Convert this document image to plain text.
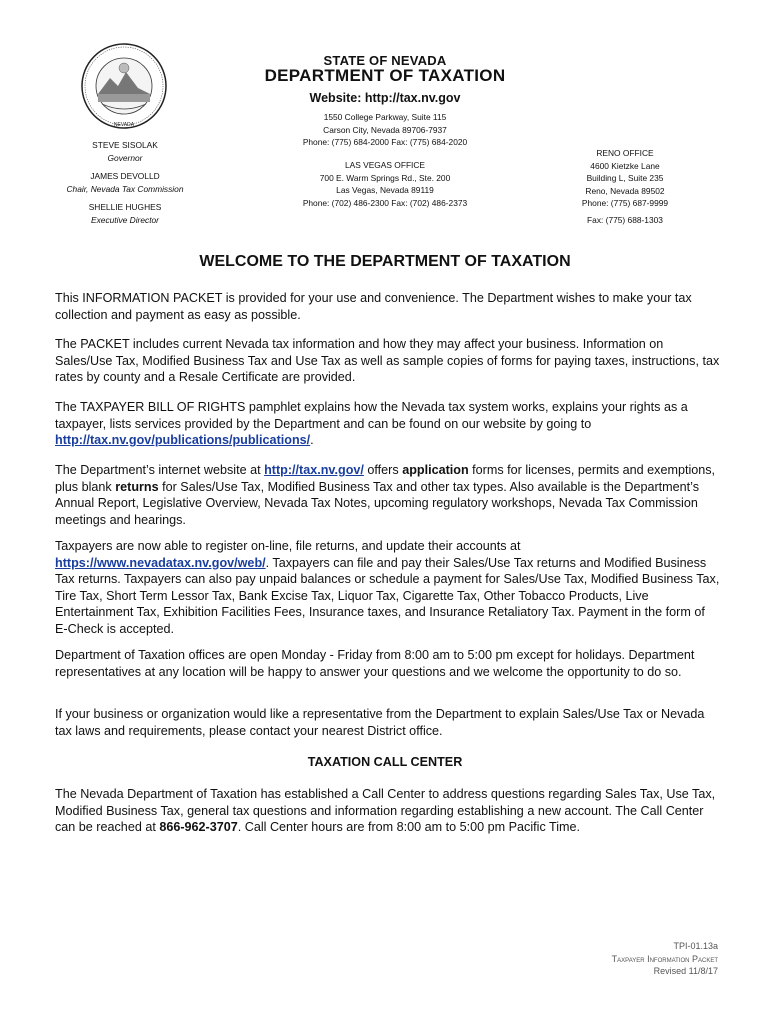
NEVADA
STATE OF NEVADA
DEPARTMENT OF TAXATION
Website: http://tax.nv.gov
1550 College Parkway, Suite 115
Carson City, Nevada 89706-7937
Phone: (775) 684-2000 Fax: (775) 684-2020
LAS VEGAS OFFICE
700 E. Warm Springs Rd., Ste. 200
Las Vegas, Nevada 89119
Phone: (702) 486-2300 Fax: (702) 486-2373
RENO OFFICE
4600 Kietzke Lane
Building L, Suite 235
Reno, Nevada 89502
Phone: (775) 687-9999
Fax: (775) 688-1303
STEVE SISOLAK
Governor
JAMES DEVOLLD
Chair, Nevada Tax Commission
SHELLIE HUGHES
Executive Director
WELCOME TO THE DEPARTMENT OF TAXATION

This INFORMATION PACKET is provided for your use and convenience. The Department wishes to make your tax collection and payment as easy as possible.

The PACKET includes current Nevada tax information and how they may affect your business. Information on Sales/Use Tax, Modified Business Tax and Use Tax as well as sample copies of forms for paying taxes, instructions, tax rates by county and a Resale Certificate are provided.

The TAXPAYER BILL OF RIGHTS pamphlet explains how the Nevada tax system works, explains your rights as a taxpayer, lists services provided by the Department and can be found on our website by going to http://tax.nv.gov/publications/publications/.

The Department’s internet website at http://tax.nv.gov/ offers application forms for licenses, permits and exemptions, plus blank returns for Sales/Use Tax, Modified Business Tax and other tax types. Also available is the Department’s Annual Report, Legislative Overview, Nevada Tax Notes, upcoming regulatory workshops, Nevada Tax Commission meetings and hearings.

Taxpayers are now able to register on-line, file returns, and update their accounts at https://www.nevadatax.nv.gov/web/. Taxpayers can file and pay their Sales/Use Tax returns and Modified Business Tax returns. Taxpayers can also pay unpaid balances or schedule a payment for Sales/Use Tax, Modified Business Tax, Tire Tax, Short Term Lessor Tax, Bank Excise Tax, Liquor Tax, Cigarette Tax, Other Tobacco Products, Live Entertainment Tax, Exhibition Facilities Fees, Insurance taxes, and Insurance Retaliatory Tax. Payment in the form of E-Check is accepted.

Department of Taxation offices are open Monday - Friday from 8:00 am to 5:00 pm except for holidays. Department representatives at any location will be happy to answer your questions and we welcome the opportunity to do so.

If your business or organization would like a representative from the Department to explain Sales/Use Tax or Nevada tax laws and requirements, please contact your nearest District office.

TAXATION CALL CENTER

The Nevada Department of Taxation has established a Call Center to address questions regarding Sales Tax, Use Tax, Modified Business Tax, general tax questions and information regarding establishing a new account. The Call Center can be reached at 866-962-3707. Call Center hours are from 8:00 am to 5:00 pm Pacific Time.

TPI-01.13a
Taxpayer Information Packet
Revised 11/8/17
